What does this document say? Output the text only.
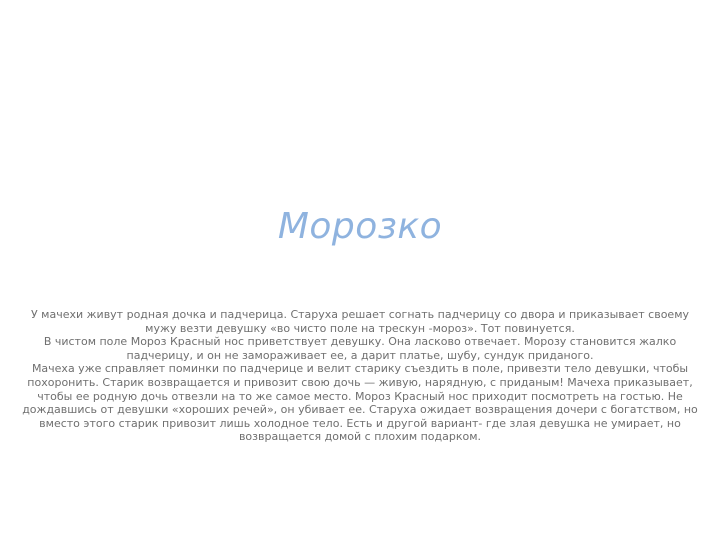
Морозко

У мачехи живут родная дочка и падчерица. Старуха решает согнать падчерицу со двора и приказывает своему мужу везти девушку «во чисто поле на трескун -мороз». Тот повинуется.

В чистом поле Мороз Красный нос приветствует девушку. Она ласково отвечает. Морозу становится жалко падчерицу, и он не замораживает ее, а дарит платье, шубу, сундук приданого.

Мачеха уже справляет поминки по падчерице и велит старику съездить в поле, привезти тело девушки, чтобы похоронить. Старик возвращается и привозит свою дочь — живую, нарядную, с приданым! Мачеха приказывает, чтобы ее родную дочь отвезли на то же самое место. Мороз Красный нос приходит посмотреть на гостью. Не дождавшись от девушки «хороших речей», он убивает ее. Старуха ожидает возвращения дочери с богатством, но вместо этого старик привозит лишь холодное тело. Есть и другой вариант- где злая девушка не умирает, но возвращается домой с плохим подарком.
